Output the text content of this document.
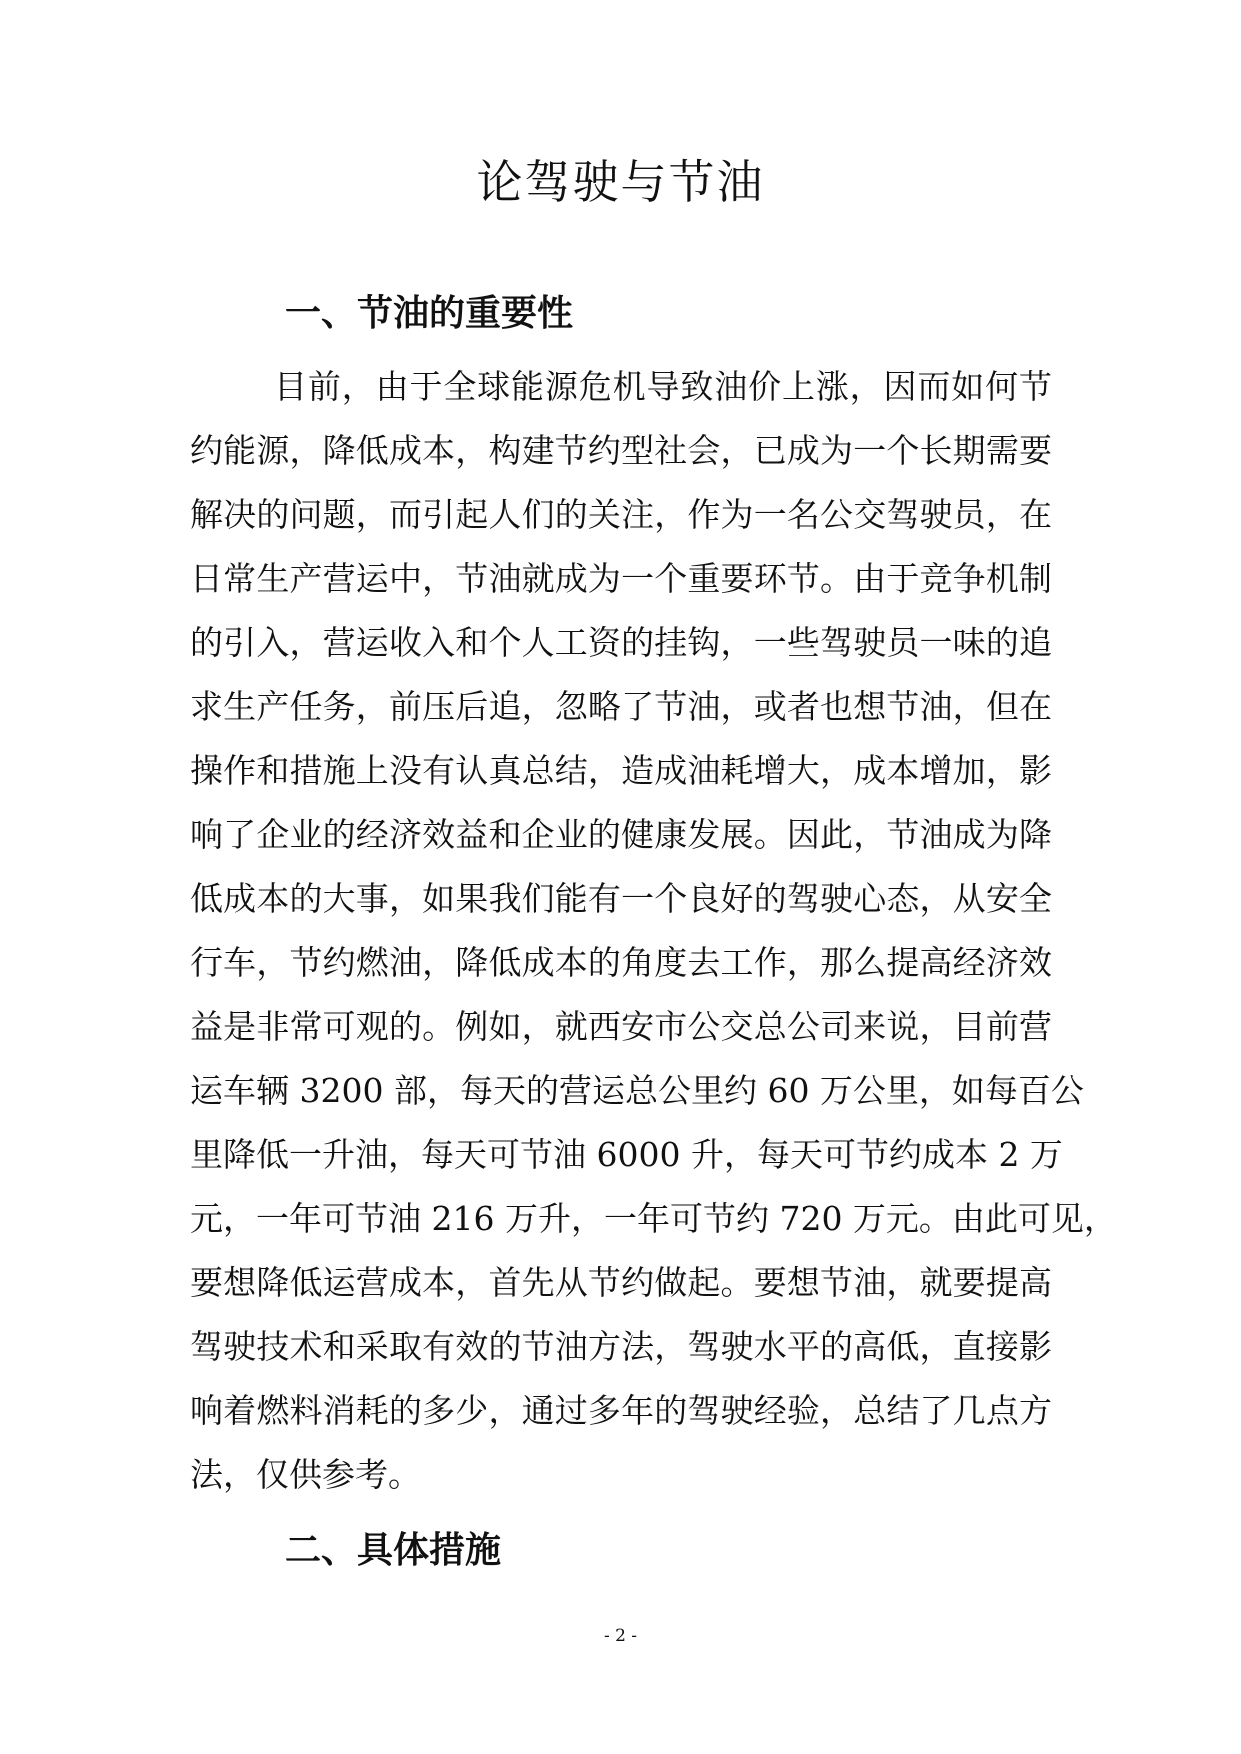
论驾驶与节油
一、节油的重要性
目前，由于全球能源危机导致油价上涨，因而如何节
约能源，降低成本，构建节约型社会，已成为一个长期需要
解决的问题，而引起人们的关注，作为一名公交驾驶员，在
日常生产营运中，节油就成为一个重要环节。由于竞争机制
的引入，营运收入和个人工资的挂钩，一些驾驶员一味的追
求生产任务，前压后追，忽略了节油，或者也想节油，但在
操作和措施上没有认真总结，造成油耗增大，成本增加，影
响了企业的经济效益和企业的健康发展。因此，节油成为降
低成本的大事，如果我们能有一个良好的驾驶心态，从安全
行车，节约燃油，降低成本的角度去工作，那么提高经济效
益是非常可观的。例如，就西安市公交总公司来说，目前营
运车辆 3200 部，每天的营运总公里约 60 万公里，如每百公
里降低一升油，每天可节油 6000 升，每天可节约成本 2 万
元，一年可节油 216 万升，一年可节约 720 万元。由此可见，
要想降低运营成本，首先从节约做起。要想节油，就要提高
驾驶技术和采取有效的节油方法，驾驶水平的高低，直接影
响着燃料消耗的多少，通过多年的驾驶经验，总结了几点方
法，仅供参考。
二、具体措施
- 2 -
